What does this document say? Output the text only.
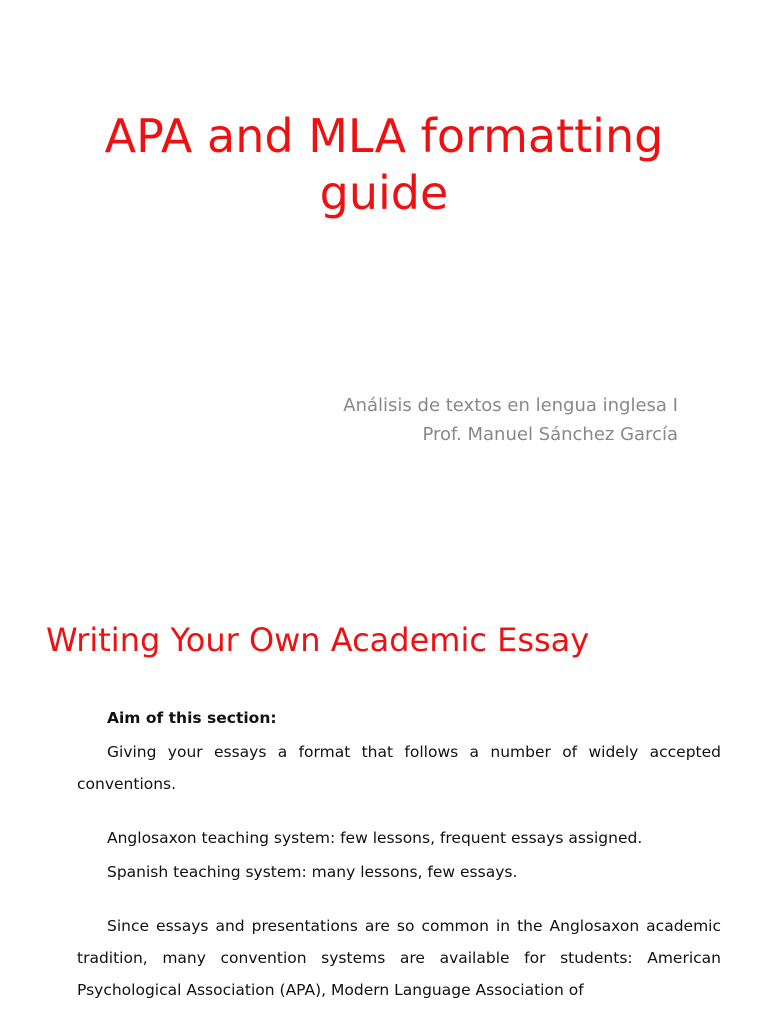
APA and MLA formatting guide
Análisis de textos en lengua inglesa I
Prof. Manuel Sánchez García
Writing Your Own Academic Essay

Aim of this section:

Giving your essays a format that follows a number of widely accepted conventions.

Anglosaxon teaching system: few lessons, frequent essays assigned.

Spanish teaching system: many lessons, few essays.

Since essays and presentations are so common in the Anglosaxon academic tradition, many convention systems are available for students: American Psychological Association (APA), Modern Language Association of
